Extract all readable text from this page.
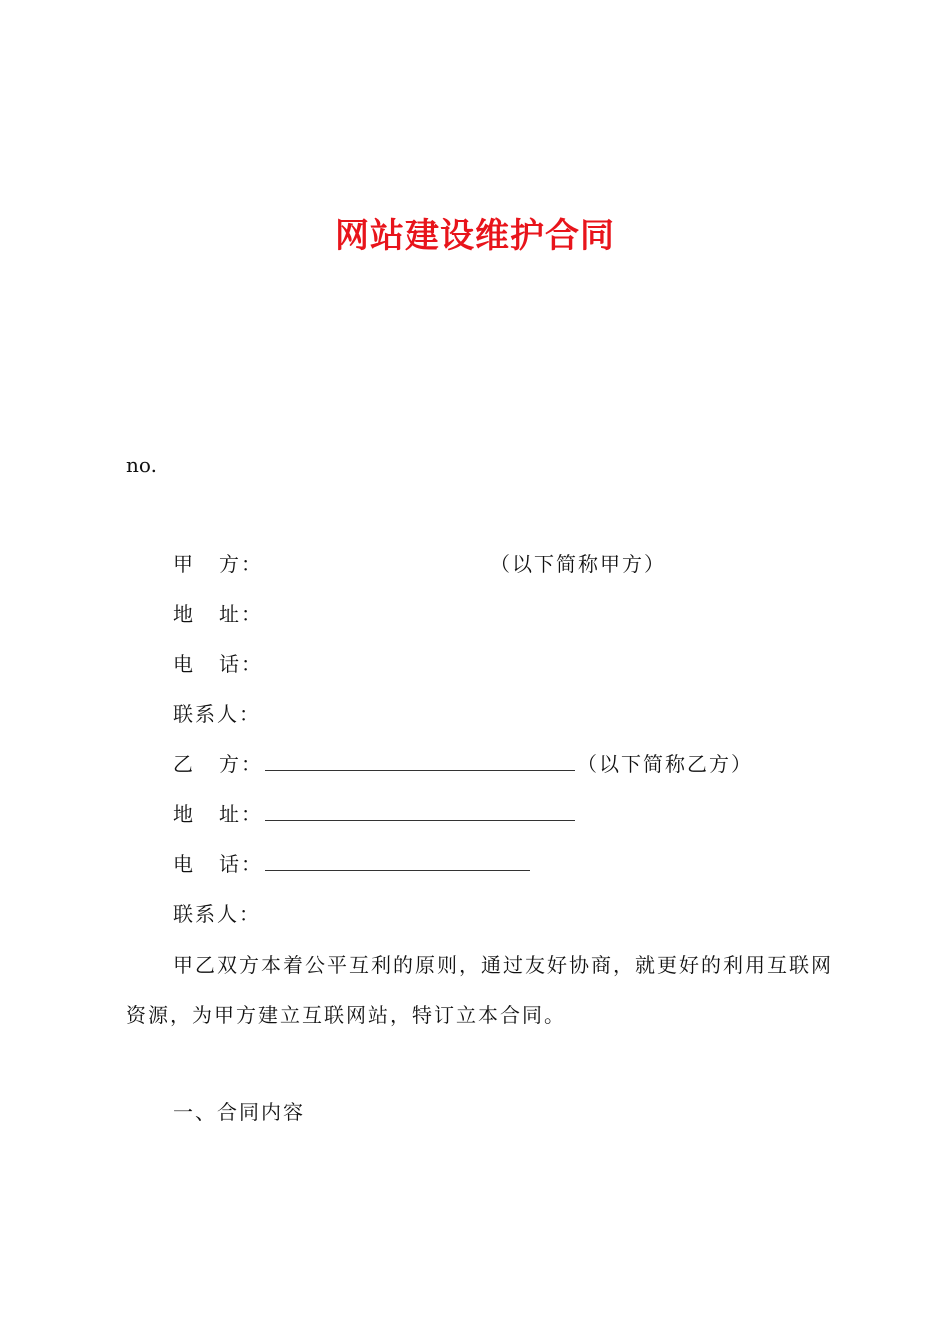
网站建设维护合同
no.
甲 方：	（以下简称甲方）
地 址：
电 话：
联系人：
乙 方：	（以下简称乙方）
地 址：
电 话：
联系人：
甲乙双方本着公平互利的原则，通过友好协商，就更好的利用互联网资源，为甲方建立互联网站，特订立本合同。
一、合同内容
